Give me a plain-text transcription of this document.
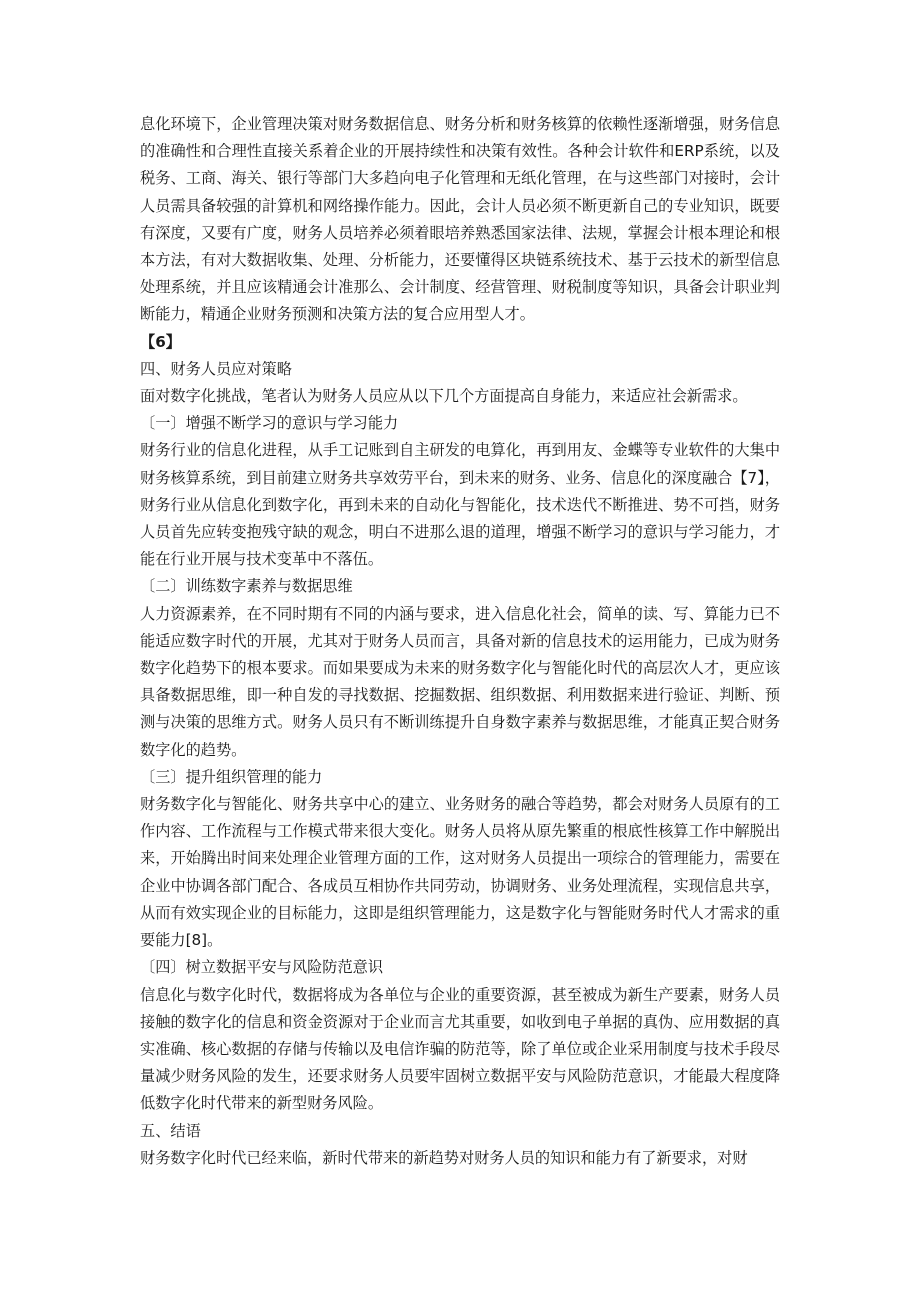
息化环境下，企业管理决策对财务数据信息、财务分析和财务核算的依赖性逐渐增强，财务信息的准确性和合理性直接关系着企业的开展持续性和决策有效性。各种会计软件和ERP系统，以及税务、工商、海关、银行等部门大多趋向电子化管理和无纸化管理，在与这些部门对接时，会计人员需具备较强的計算机和网络操作能力。因此，会计人员必须不断更新自己的专业知识，既要有深度，又要有广度，财务人员培养必须着眼培养熟悉国家法律、法规，掌握会计根本理论和根本方法，有对大数据收集、处理、分析能力，还要懂得区块链系统技术、基于云技术的新型信息处理系统，并且应该精通会计准那么、会计制度、经营管理、财税制度等知识，具备会计职业判断能力，精通企业财务预测和决策方法的复合应用型人才。

【6】

四、财务人员应对策略

面对数字化挑战，笔者认为财务人员应从以下几个方面提高自身能力，来适应社会新需求。

〔一〕增强不断学习的意识与学习能力

财务行业的信息化进程，从手工记账到自主研发的电算化，再到用友、金蝶等专业软件的大集中财务核算系统，到目前建立财务共享效劳平台，到未来的财务、业务、信息化的深度融合【7】，财务行业从信息化到数字化，再到未来的自动化与智能化，技术迭代不断推进、势不可挡，财务人员首先应转变抱残守缺的观念，明白不进那么退的道理，增强不断学习的意识与学习能力，才能在行业开展与技术变革中不落伍。

〔二〕训练数字素养与数据思维

人力资源素养，在不同时期有不同的内涵与要求，进入信息化社会，简单的读、写、算能力已不能适应数字时代的开展，尤其对于财务人员而言，具备对新的信息技术的运用能力，已成为财务数字化趋势下的根本要求。而如果要成为未来的财务数字化与智能化时代的高层次人才，更应该具备数据思维，即一种自发的寻找数据、挖掘数据、组织数据、利用数据来进行验证、判断、预测与决策的思维方式。财务人员只有不断训练提升自身数字素养与数据思维，才能真正契合财务数字化的趋势。

〔三〕提升组织管理的能力

财务数字化与智能化、财务共享中心的建立、业务财务的融合等趋势，都会对财务人员原有的工作内容、工作流程与工作模式带来很大变化。财务人员将从原先繁重的根底性核算工作中解脱出来，开始腾出时间来处理企业管理方面的工作，这对财务人员提出一项综合的管理能力，需要在企业中协调各部门配合、各成员互相协作共同劳动，协调财务、业务处理流程，实现信息共享，从而有效实现企业的目标能力，这即是组织管理能力，这是数字化与智能财务时代人才需求的重要能力[8]。

〔四〕树立数据平安与风险防范意识

信息化与数字化时代，数据将成为各单位与企业的重要资源，甚至被成为新生产要素，财务人员接触的数字化的信息和资金资源对于企业而言尤其重要，如收到电子单据的真伪、应用数据的真实准确、核心数据的存储与传输以及电信诈骗的防范等，除了单位或企业采用制度与技术手段尽量减少财务风险的发生，还要求财务人员要牢固树立数据平安与风险防范意识，才能最大程度降低数字化时代带来的新型财务风险。

五、结语

财务数字化时代已经来临，新时代带来的新趋势对财务人员的知识和能力有了新要求，对财
